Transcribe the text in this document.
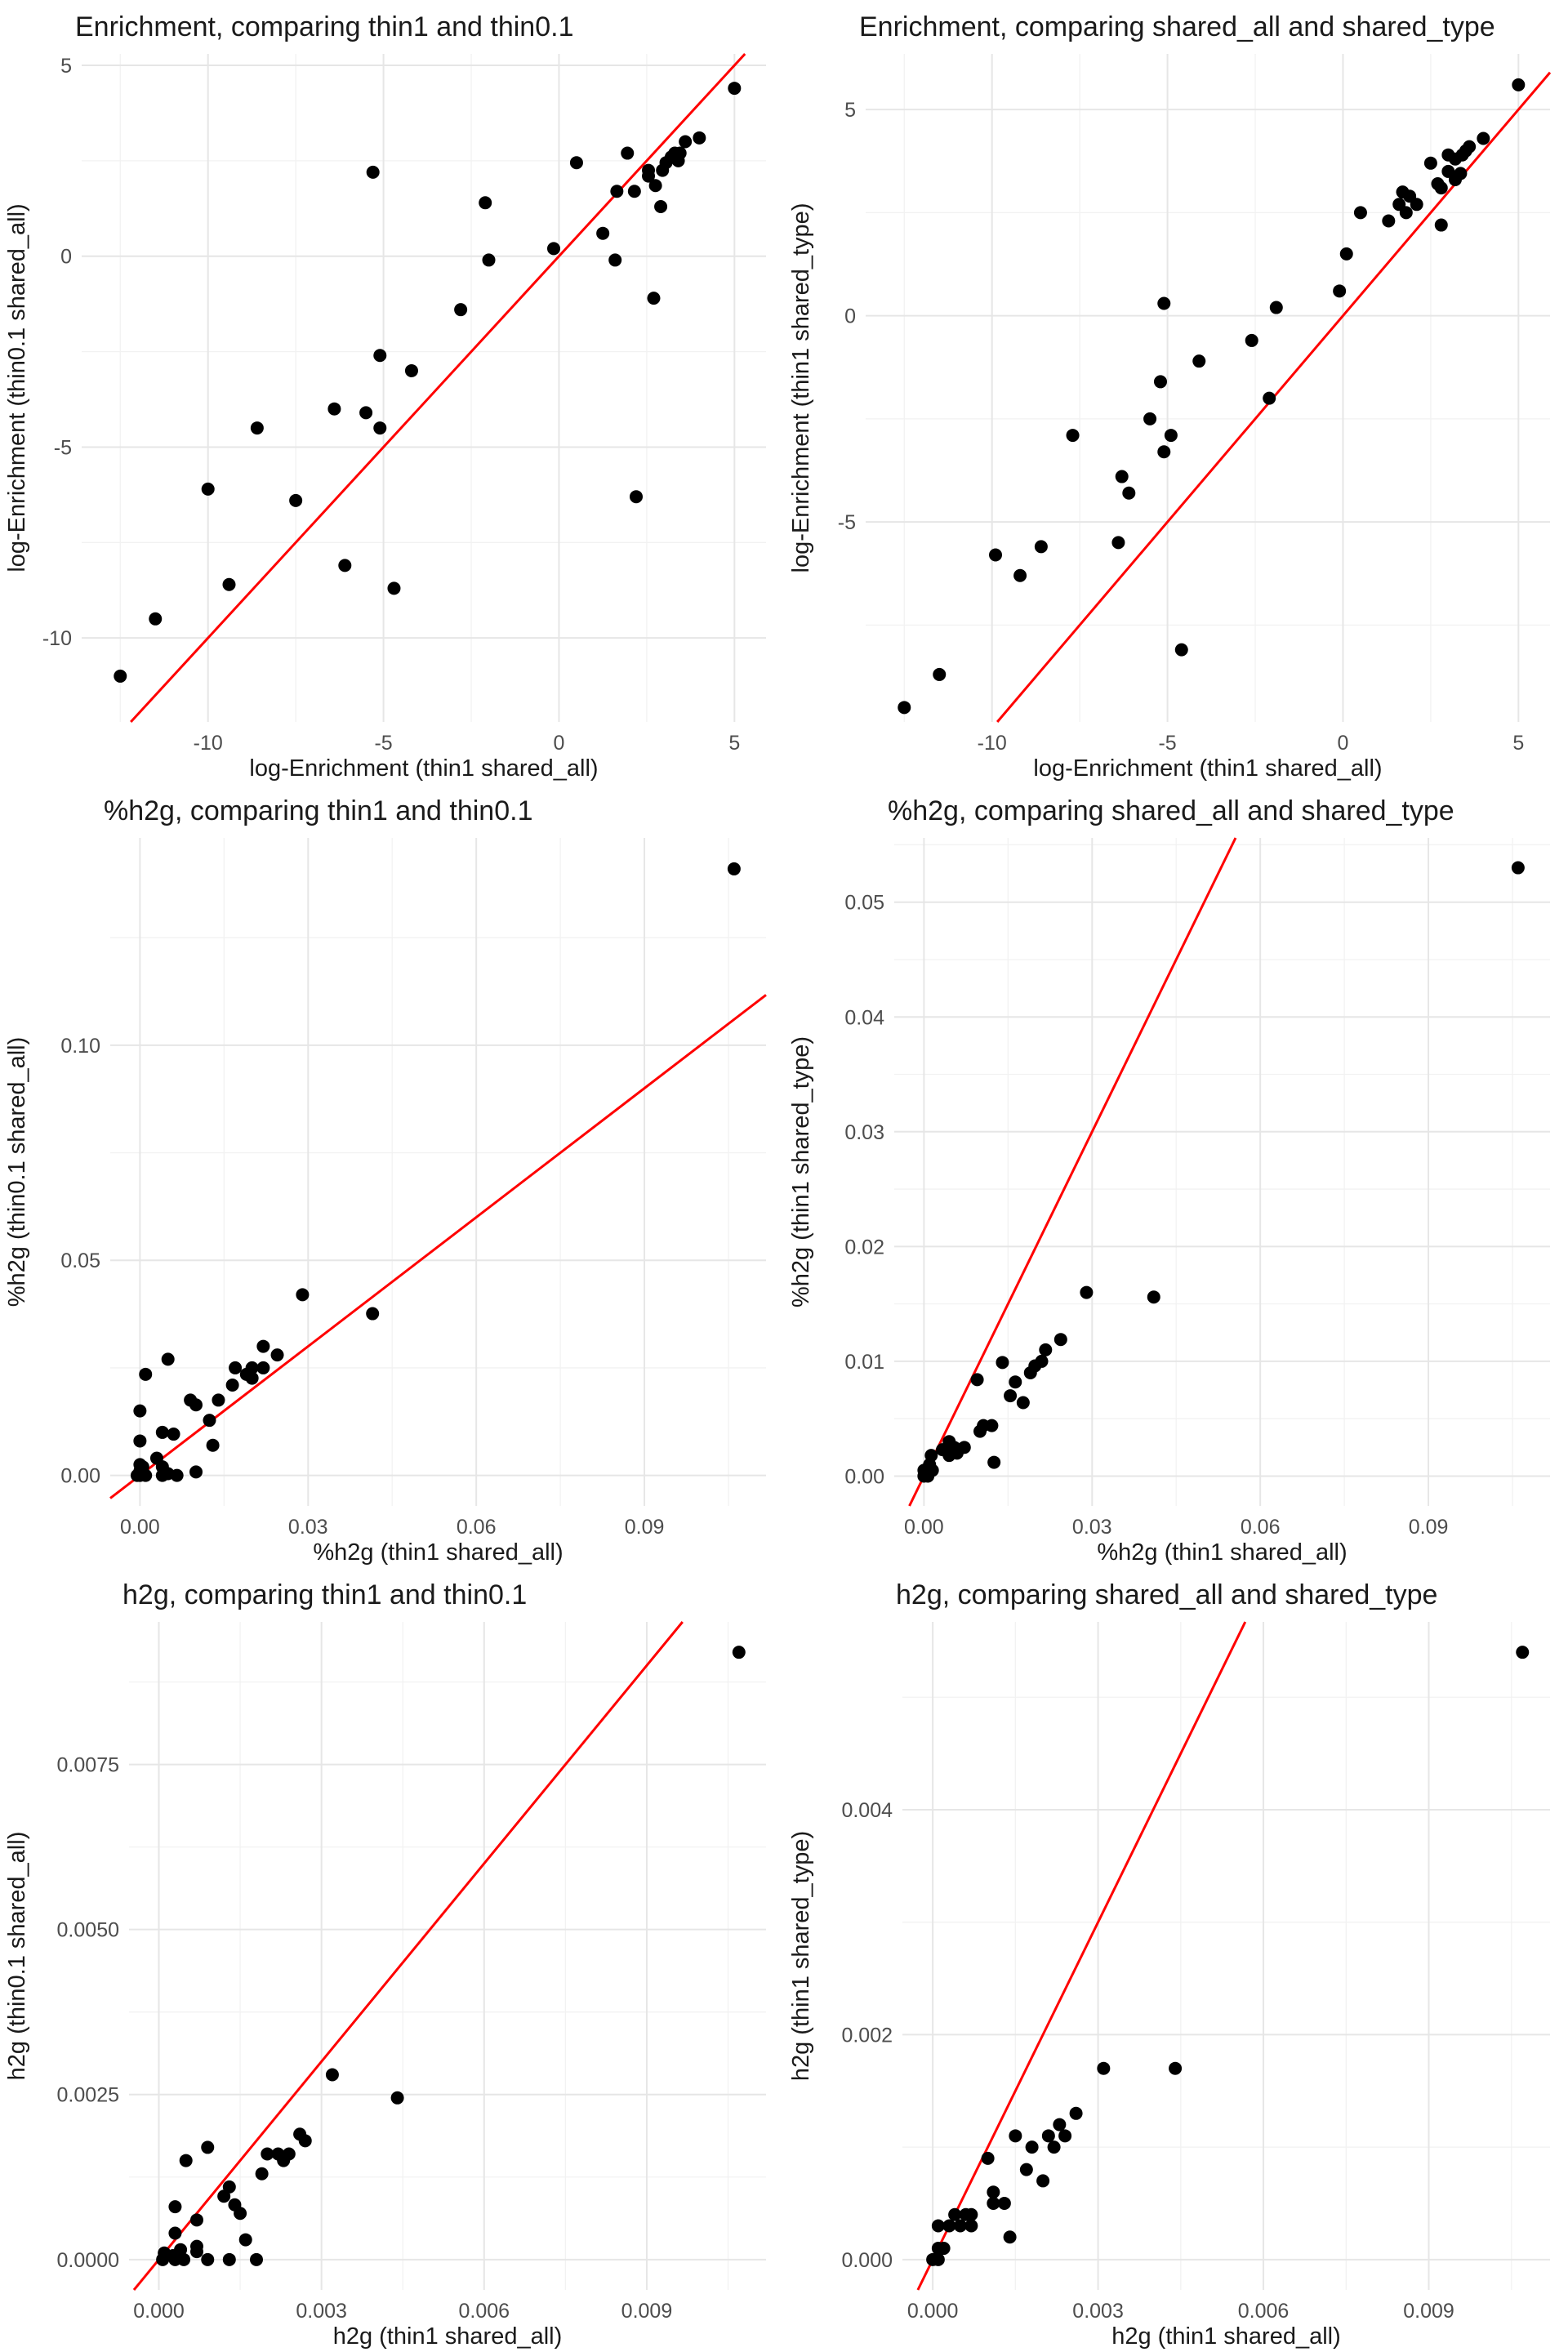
Enrichment, comparing thin1 and thin0.1
-10	-5	0	5
-10
-5
0
5
log-Enrichment (thin1 shared_all)
log-Enrichment (thin0.1 shared_all)
Enrichment, comparing shared_all and shared_type
-10	-5	0	5
-5
0
5
log-Enrichment (thin1 shared_all)
log-Enrichment (thin1 shared_type)
%h2g, comparing thin1 and thin0.1
0.00	0.03	0.06	0.09
0.00
0.05
0.10
%h2g (thin1 shared_all)
%h2g (thin0.1 shared_all)
%h2g, comparing shared_all and shared_type
0.00	0.03	0.06	0.09
0.00
0.01
0.02
0.03
0.04
0.05
%h2g (thin1 shared_all)
%h2g (thin1 shared_type)
h2g, comparing thin1 and thin0.1
0.000	0.003	0.006	0.009
0.0000
0.0025
0.0050
0.0075
h2g (thin1 shared_all)
h2g (thin0.1 shared_all)
h2g, comparing shared_all and shared_type
0.000	0.003	0.006	0.009
0.000
0.002
0.004
h2g (thin1 shared_all)
h2g (thin1 shared_type)
